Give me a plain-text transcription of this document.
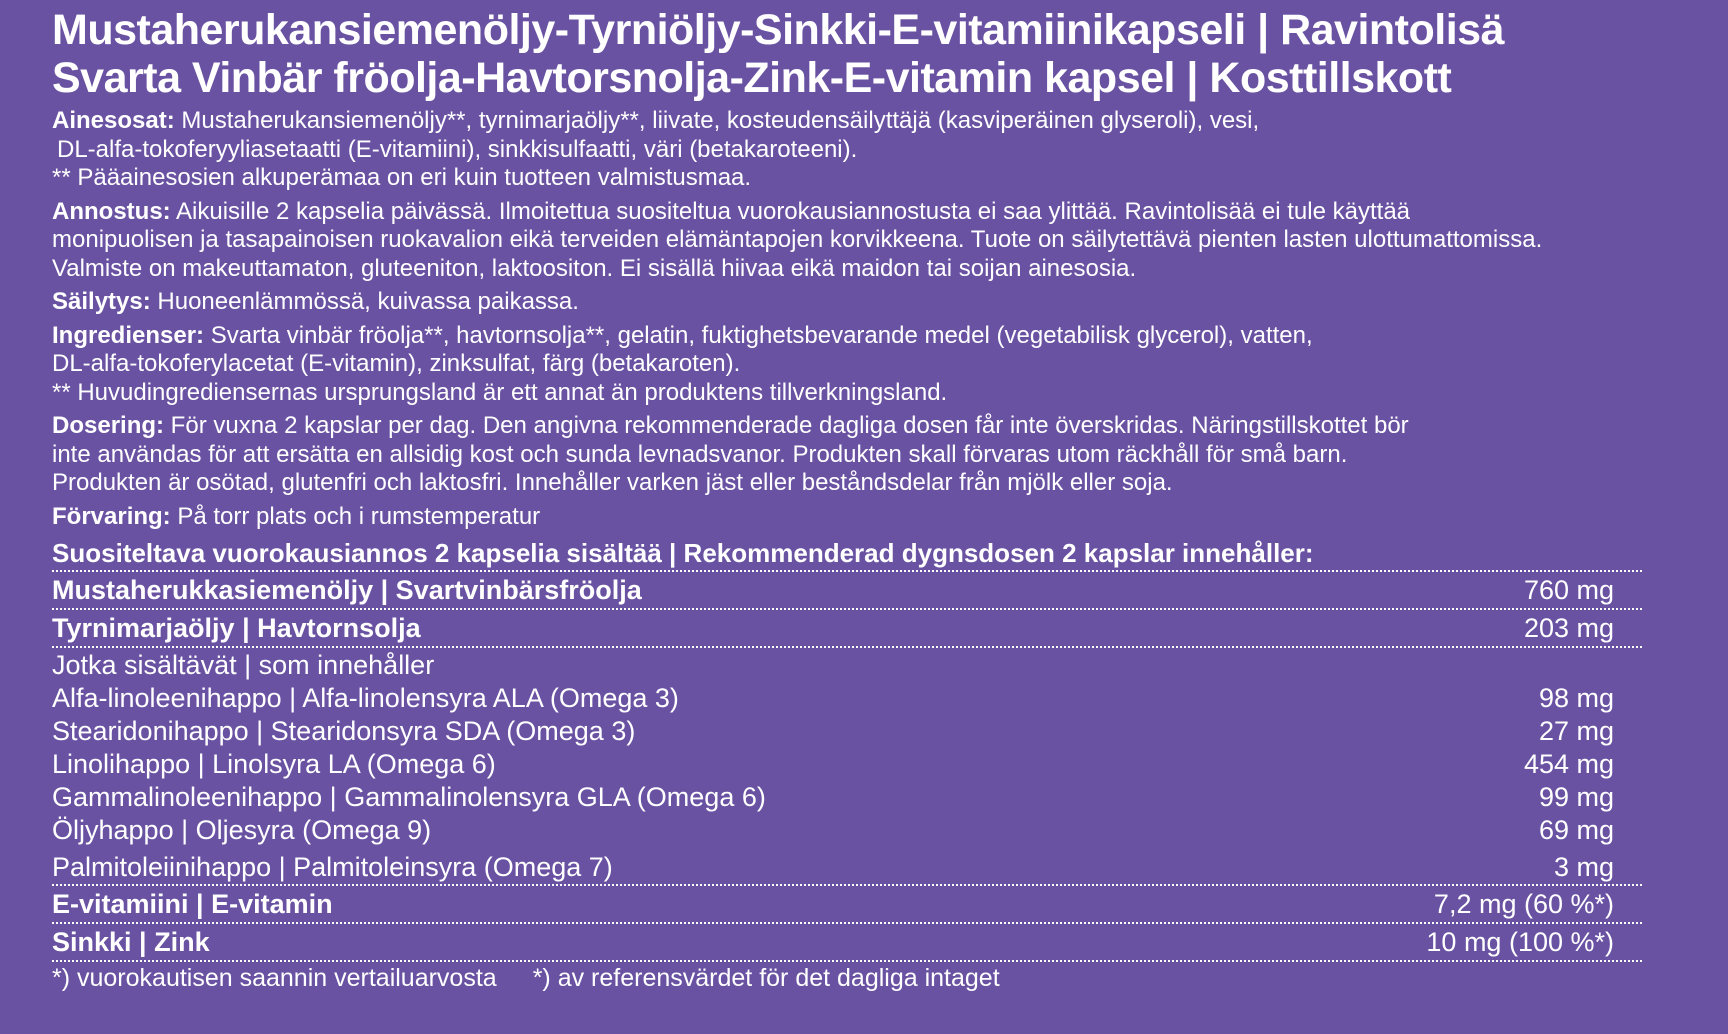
Mustaherukansiemenöljy-Tyrniöljy-Sinkki-E-vitamiinikapseli | Ravintolisä
Svarta Vinbär fröolja-Havtorsnolja-Zink-E-vitamin kapsel | Kosttillskott
Ainesosat: Mustaherukansiemenöljy**, tyrnimarjaöljy**, liivate, kosteudensäilyttäjä (kasviperäinen glyseroli), vesi,
DL-alfa-tokoferyyliasetaatti (E-vitamiini), sinkkisulfaatti, väri (betakaroteeni).
** Pääainesosien alkuperämaa on eri kuin tuotteen valmistusmaa.
Annostus: Aikuisille 2 kapselia päivässä. Ilmoitettua suositeltua vuorokausiannostusta ei saa ylittää. Ravintolisää ei tule käyttää
monipuolisen ja tasapainoisen ruokavalion eikä terveiden elämäntapojen korvikkeena. Tuote on säilytettävä pienten lasten ulottumattomissa.
Valmiste on makeuttamaton, gluteeniton, laktoositon. Ei sisällä hiivaa eikä maidon tai soijan ainesosia.
Säilytys: Huoneenlämmössä, kuivassa paikassa.
Ingredienser: Svarta vinbär fröolja**, havtornsolja**, gelatin, fuktighetsbevarande medel (vegetabilisk glycerol), vatten,
DL-alfa-tokoferylacetat (E-vitamin), zinksulfat, färg (betakaroten).
** Huvudingrediensernas ursprungsland är ett annat än produktens tillverkningsland.
Dosering: För vuxna 2 kapslar per dag. Den angivna rekommenderade dagliga dosen får inte överskridas. Näringstillskottet bör
inte användas för att ersätta en allsidig kost och sunda levnadsvanor. Produkten skall förvaras utom räckhåll för små barn.
Produkten är osötad, glutenfri och laktosfri. Innehåller varken jäst eller beståndsdelar från mjölk eller soja.
Förvaring: På torr plats och i rumstemperatur
Suositeltava vuorokausiannos 2 kapselia sisältää | Rekommenderad dygnsdosen 2 kapslar innehåller:
Mustaherukkasiemenöljy | Svartvinbärsfröolja	760 mg
Tyrnimarjaöljy | Havtornsolja	203 mg
Jotka sisältävät | som innehåller
Alfa-linoleenihappo | Alfa-linolensyra ALA (Omega 3)	98 mg
Stearidonihappo | Stearidonsyra SDA (Omega 3)	27 mg
Linolihappo | Linolsyra LA (Omega 6)	454 mg
Gammalinoleenihappo | Gammalinolensyra GLA (Omega 6)	99 mg
Öljyhappo | Oljesyra (Omega 9)	69 mg
Palmitoleiinihappo | Palmitoleinsyra (Omega 7)	3 mg
E-vitamiini | E-vitamin	7,2 mg (60 %*)
Sinkki | Zink	10 mg (100 %*)
*) vuorokautisen saannin vertailuarvosta *) av referensvärdet för det dagliga intaget
